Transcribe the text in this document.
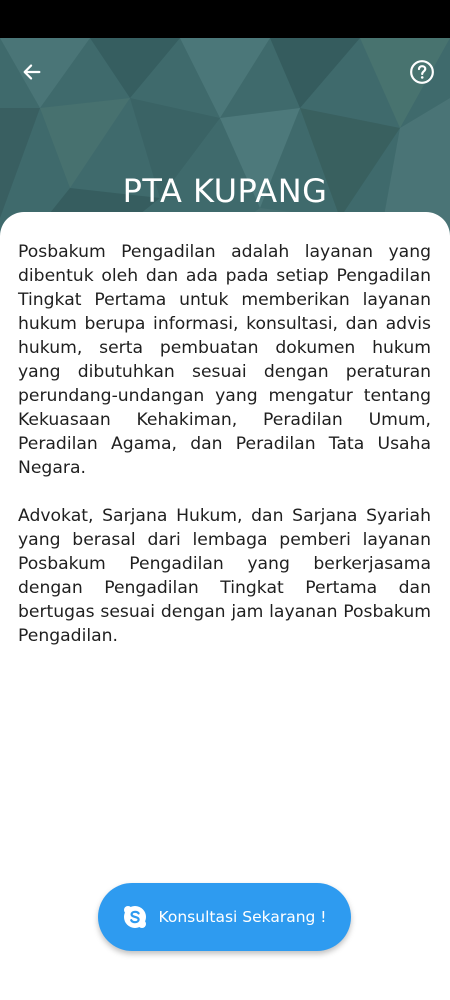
PTA KUPANG

Posbakum Pengadilan adalah layanan yang dibentuk oleh dan ada pada setiap Pengadilan Tingkat Pertama untuk memberikan layanan hukum berupa informasi, konsultasi, dan advis hukum, serta pembuatan dokumen hukum yang dibutuhkan sesuai dengan peraturan perundang-undangan yang mengatur tentang Kekuasaan Kehakiman, Peradilan Umum, Peradilan Agama, dan Peradilan Tata Usaha Negara.

Advokat, Sarjana Hukum, dan Sarjana Syariah yang berasal dari lembaga pemberi layanan Posbakum Pengadilan yang berkerjasama dengan Pengadilan Tingkat Pertama dan bertugas sesuai dengan jam layanan Posbakum Pengadilan.

Konsultasi Sekarang !
